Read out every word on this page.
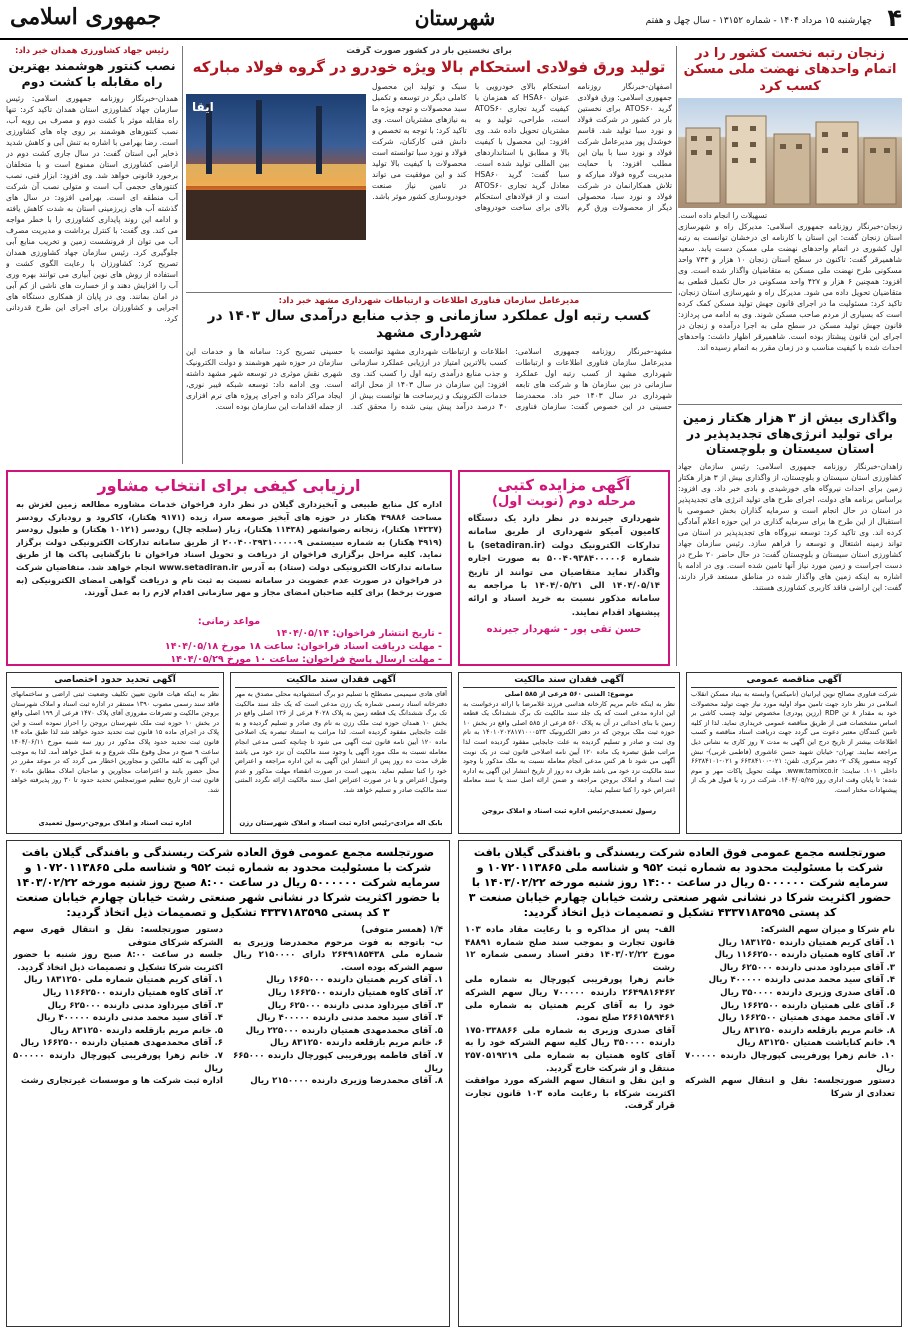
۴
چهارشنبه ۱۵ مرداد ۱۴۰۴ - شماره ۱۳۱۵۲ - سال چهل و هفتم
شهرستان
جمهوری اسلامی
زنجان رتبه نخست کشور را در اتمام واحدهای نهضت ملی مسکن کسب کرد
تسهیلات را انجام داده است.
زنجان-خبرنگار روزنامه جمهوری اسلامی: مدیرکل راه و شهرسازی استان زنجان گفت: این استان با کارنامه ای درخشان توانست به رتبه اول کشوری در اتمام واحدهای نهضت ملی مسکن دست یابد. سعید شاهمیرقر گفت: تاکنون در سطح استان زنجان ۱۰ هزار و ۷۳۳ واحد مسکونی طرح نهضت ملی مسکن به متقاضیان واگذار شده است. وی افزود: همچنین ۶ هزار و ۴۲۷ واحد مسکونی در حال تکمیل قطعی به متقاضیان تحویل داده می شود. مدیرکل راه و شهرسازی استان زنجان، تاکید کرد: مسئولیت ما در اجرای قانون جهش تولید مسکن کمک کرده است که بسیاری از مردم صاحب مسکن شوند. وی به ادامه می پردازد: قانون جهش تولید مسکن در سطح ملی به اجرا درآمده و زنجان در اجرای این قانون پیشتاز بوده است. شاهمیرقر اظهار داشت: واحدهای احداث شده با کیفیت مناسب و در زمان مقرر به اتمام رسیده اند.
واگذاری بیش از ۳ هزار هکتار زمین برای تولید انرژی‌های تجدیدپذیر در استان سیستان و بلوچستان
زاهدان-خبرنگار روزنامه جمهوری اسلامی: رئیس سازمان جهاد کشاورزی استان سیستان و بلوچستان، از واگذاری بیش از ۳ هزار هکتار زمین برای احداث نیروگاه های خورشیدی و بادی خبر داد. وی افزود: براساس برنامه های دولت، اجرای طرح های تولید انرژی های تجدیدپذیر در استان در حال انجام است و سرمایه گذاران بخش خصوصی با استقبال از این طرح ها برای سرمایه گذاری در این حوزه اعلام آمادگی کرده اند. وی تاکید کرد: توسعه نیروگاه های تجدیدپذیر در استان می تواند زمینه اشتغال و توسعه را فراهم سازد. رئیس سازمان جهاد کشاورزی استان سیستان و بلوچستان گفت: در حال حاضر ۲۰ طرح در دست اجراست و زمین مورد نیاز آنها تامین شده است. وی در ادامه با اشاره به اینکه زمین های واگذار شده در مناطق مستعد قرار دارند، گفت: این اراضی فاقد کاربری کشاورزی هستند.
برای نخستین بار در کشور صورت گرفت
تولید ورق فولادی استحکام بالا ویژه خودرو در گروه فولاد مبارکه
اصفهان-خبرنگار روزنامه جمهوری اسلامی: ورق فولادی گرید ATOS۶۰ برای نخستین بار در کشور در شرکت فولاد و نورد سبا تولید شد. قاسم خوشدل پور مدیرعامل شرکت فولاد و نورد سبا با بیان این مطلب افزود: با حمایت مدیریت گروه فولاد مبارکه و تلاش همکارانمان در شرکت فولاد و نورد سبا، محصولی دیگر از محصولات ورق گرم استحکام بالای خودرویی با عنوان HSA۶۰ که همزمان با کیفیت گرید تجاری ATOS۶۰ است، طراحی، تولید و به مشتریان تحویل داده شد. وی افزود: این محصول با کیفیت بالا و مطابق با استانداردهای بین المللی تولید شده است. سبا گفت: گرید HSA۶۰ معادل گرید تجاری ATOS۶۰ است و از فولادهای استحکام بالای برای ساخت خودروهای سبک و تولید این محصول کاملی دیگر در توسعه و تکمیل سبد محصولات و توجه ویژه ما به نیازهای مشتریان است. وی تاکید کرد: با توجه به تخصص و دانش فنی کارکنان، شرکت فولاد و نورد سبا توانسته است محصولات با کیفیت بالا تولید کند و این موفقیت می تواند در تامین نیاز صنعت خودروسازی کشور موثر باشد.
ایقا
مدیرعامل سازمان فناوری اطلاعات و ارتباطات شهرداری مشهد خبر داد:
کسب رتبه اول عملکرد سازمانی و جذب منابع درآمدی سال ۱۴۰۳ در شهرداری مشهد
مشهد-خبرنگار روزنامه جمهوری اسلامی: مدیرعامل سازمان فناوری اطلاعات و ارتباطات شهرداری مشهد از کسب رتبه اول عملکرد سازمانی در بین سازمان ها و شرکت های تابعه شهرداری در سال ۱۴۰۳ خبر داد. محمدرضا حسینی در این خصوص گفت: سازمان فناوری اطلاعات و ارتباطات شهرداری مشهد توانست با کسب بالاترین امتیاز در ارزیابی عملکرد سازمانی و جذب منابع درآمدی رتبه اول را کسب کند. وی افزود: این سازمان در سال ۱۴۰۳ از محل ارائه خدمات الکترونیک و زیرساخت ها توانست بیش از ۴۰ درصد درآمد پیش بینی شده را محقق کند. حسینی تصریح کرد: سامانه ها و خدمات این سازمان در حوزه شهر هوشمند و دولت الکترونیک شهری نقش موثری در توسعه شهر مشهد داشته است. وی ادامه داد: توسعه شبکه فیبر نوری، ایجاد مراکز داده و اجرای پروژه های نرم افزاری از جمله اقدامات این سازمان بوده است.
رئیس جهاد کشاورزی همدان خبر داد:
نصب کنتور هوشمند بهترین راه مقابله با کشت دوم
همدان-خبرنگار روزنامه جمهوری اسلامی: رئیس سازمان جهاد کشاورزی استان همدان تاکید کرد: تنها راه مقابله موثر با کشت دوم و مصرف بی رویه آب، نصب کنتورهای هوشمند بر روی چاه های کشاورزی است. رضا بهرامی با اشاره به تنش آبی و کاهش شدید ذخایر آبی استان گفت: در سال جاری کشت دوم در اراضی کشاورزی استان ممنوع است و با متخلفان برخورد قانونی خواهد شد. وی افزود: ابزار فنی، نصب کنتورهای حجمی آب است و متولی نصب آن شرکت آب منطقه ای است. بهرامی افزود: در سال های گذشته آب های زیرزمینی استان به شدت کاهش یافته و ادامه این روند پایداری کشاورزی را با خطر مواجه می کند. وی گفت: با کنترل برداشت و مدیریت مصرف آب می توان از فرونشست زمین و تخریب منابع آبی جلوگیری کرد. رئیس سازمان جهاد کشاورزی همدان تصریح کرد: کشاورزان با رعایت الگوی کشت و استفاده از روش های نوین آبیاری می توانند بهره وری آب را افزایش دهند و از خسارت های ناشی از کم آبی در امان بمانند. وی در پایان از همکاری دستگاه های اجرایی و کشاورزان برای اجرای این طرح قدردانی کرد.
آگهی مزایده کتبی
مرحله دوم (نوبت اول)
شهرداری جیرنده در نظر دارد یک دستگاه کامیون آمیکو شهرداری از طریق سامانه تدارکات الکترونیک دولت (setadiran.ir) با شماره ۵۰۰۴۰۹۳۸۴۰۰۰۰۰۶ به صورت اجاره واگذار نماید متقاضیان می توانند از تاریخ ۱۴۰۴/۰۵/۱۴ الی ۱۴۰۴/۰۵/۲۱ با مراجعه به سامانه مذکور نسبت به خرید اسناد و ارائه پیشنهاد اقدام نمایند.
حسن تقی پور - شهردار جیرنده
ارزیابی کیفی برای انتخاب مشاور
اداره کل منابع طبیعی و آبخیزداری گیلان در نظر دارد فراخوان خدمات مشاوره مطالعه زمین لغزش به مساحت ۴۹۸۸۶ هکتار در حوزه های آبخیز صومعه سرا، زیده (۹۱۷۱ هکتار)، کاکرود و رودبارک رودسر (۱۴۳۳۷ هکتار)، زنجانه رضوانشهر (۱۱۴۳۸ هکتار)، زیار (سلجه چال) رودسر (۱۰۱۲۱ هکتار) و طبول رودسر (۴۹۱۹ هکتار) به شماره سیستمی ۲۰۰۴۰۰۳۹۳۱۰۰۰۰۰۹ از طریق سامانه تدارکات الکترونیکی دولت برگزار نماید. کلیه مراحل برگزاری فراخوان از دریافت و تحویل اسناد فراخوان تا بازگشایی پاکت ها از طریق سامانه تدارکات الکترونیکی دولت (ستاد) به آدرس www.setadiran.ir انجام خواهد شد. متقاضیان شرکت در فراخوان در صورت عدم عضویت در سامانه نسبت به ثبت نام و دریافت گواهی امضای الکترونیکی (به صورت برخط) برای کلیه صاحبان امضای مجاز و مهر سازمانی اقدام لازم را به عمل آورند.
مواعد زمانی:
- تاریخ انتشار فراخوان: ۱۴۰۴/۰۵/۱۴
- مهلت دریافت اسناد فراخوان: ساعت ۱۸ مورخ ۱۴۰۴/۰۵/۱۸
- مهلت ارسال پاسخ فراخوان: ساعت ۱۰ مورخ ۱۴۰۴/۰۵/۲۹
آگهی مناقصه عمومی
شرکت فناوری مصالح نوین ایرانیان (نامیکس) وابسته به بنیاد مسکن انقلاب اسلامی در نظر دارد جهت تامین مواد اولیه مورد نیاز جهت تولید محصولات خود به مقدار ۸ تن RDP (رزین پودری) مخصوص تولید چسب کاشی بر اساس مشخصات فنی از طریق مناقصه عمومی خریداری نماید. لذا از کلیه تامین کنندگان معتبر دعوت می گردد جهت دریافت اسناد مناقصه و کسب اطلاعات بیشتر از تاریخ درج این آگهی به مدت ۷ روز کاری به نشانی ذیل مراجعه نمایند. تهران- خیابان شهید حسن عاشوری (فاطمی غربی)- نبش کوچه منصور پلاک ۲- دفتر مرکزی. تلفن: ۰۲۱-۶۶۳۸۴۱۰۰ و ۰۲۱-۶۶۳۸۴۱۰۱ داخلی ۱۰۱. سایت: www.tamixco.ir. مهلت تحویل پاکات مهر و موم شده: تا پایان وقت اداری روز ۱۴۰۴/۰۵/۲۵. شرکت در رد یا قبول هر یک از پیشنهادات مختار است.
آگهی فقدان سند مالکیت
موضوع: المثنی ۵۶۰ فرعی از ۵۸۵ اصلی
نظر به اینکه خانم مریم کارخانه هداسی فرزند غلامرضا با ارائه درخواست به این اداره مدعی است که یک جلد سند مالکیت تک برگ ششدانگ یک قطعه زمین با بنای احداثی در آن به پلاک ۵۶۰ فرعی از ۵۸۵ اصلی واقع در بخش ۱۰ حوزه ثبت ملک بروجن که در دفتر الکترونیک ۱۴۰۱۰۲۰۲۸۱۷۱۰۰۰۵۳۳ به نام وی ثبت و صادر و تسلیم گردیده به علت جابجایی مفقود گردیده است لذا مراتب طبق تبصره یک ماده ۱۲۰ آیین نامه اصلاحی قانون ثبت در یک نوبت آگهی می شود تا هر کس مدعی انجام معامله نسبت به ملک مذکور یا وجود سند مالکیت نزد خود می باشد ظرف ده روز از تاریخ انتشار این آگهی به اداره ثبت اسناد و املاک بروجن مراجعه و ضمن ارائه اصل سند یا سند معامله اعتراض خود را کتبا تسلیم نماید.
رسول تعمیدی-رئیس اداره ثبت اسناد و املاک بروجن
آگهی فقدان سند مالکیت
آقای هادی سیمیمی مصطلح با تسلیم دو برگ استشهادیه محلی مصدق به مهر دفترخانه اسناد رسمی شماره یک رزن مدعی است که یک جلد سند مالکیت تک برگ ششدانگ یک قطعه زمین به پلاک ۴۰۲۸ فرعی از ۱۳۶ اصلی واقع در بخش ۱۰ همدان حوزه ثبت ملک رزن به نام وی صادر و تسلیم گردیده و به علت جابجایی مفقود گردیده است. لذا مراتب به استناد تبصره یک اصلاحی ماده ۱۲۰ آیین نامه قانون ثبت آگهی می شود تا چنانچه کسی مدعی انجام معامله نسبت به ملک مورد آگهی یا وجود سند مالکیت آن نزد خود می باشد ظرف مدت ده روز پس از انتشار این آگهی به این اداره مراجعه و اعتراض خود را کتبا تسلیم نماید. بدیهی است در صورت انقضاء مهلت مذکور و عدم وصول اعتراض و یا در صورت اعتراض اصل سند مالکیت ارائه نگردد المثنی سند مالکیت صادر و تسلیم خواهد شد.
بابک اله مرادی-رئیس اداره ثبت اسناد و املاک شهرستان رزن
آگهی تحدید حدود اختصاصی
نظر به اینکه هیات قانون تعیین تکلیف وضعیت ثبتی اراضی و ساختمانهای فاقد سند رسمی مصوب ۱۳۹۰ مستقر در اداره ثبت اسناد و املاک شهرستان بروجن مالکیت و تصرفات مفروزی آقای پلاک ۱۴۷۰ فرعی از ۱۹۹ اصلی واقع در بخش ۱۰ حوزه ثبت ملک شهرستان بروجن را احراز نموده است و این پلاک در اجرای ماده ۱۵ قانون ثبت تحدید حدود خواهد شد لذا طبق ماده ۱۴ قانون ثبت تحدید حدود پلاک مذکور در روز سه شنبه مورخ ۱۴۰۴/۰۶/۱۱ ساعت ۹ صبح در محل وقوع ملک شروع و به عمل خواهد آمد. لذا به موجب این آگهی به کلیه مالکین و مجاورین اخطار می گردد که در موعد مقرر در محل حضور یابند و اعتراضات مجاورین و صاحبان املاک مطابق ماده ۲۰ قانون ثبت از تاریخ تنظیم صورتمجلس تحدید حدود تا ۳۰ روز پذیرفته خواهد شد.
اداره ثبت اسناد و املاک بروجن-رسول تعمیدی
صورتجلسه مجمع عمومی فوق العاده شرکت ریسندگی و بافندگی گیلان بافت شرکت با مسئولیت محدود به شماره ثبت ۹۵۲ و شناسه ملی ۱۰۷۲۰۱۱۳۸۶۵ و سرمایه شرکت ۵۰۰۰۰۰۰ ریال در ساعت ۱۴:۰۰ روز شنبه مورخه ۱۴۰۳/۰۲/۲۲ با حضور اکثریت شرکا در نشانی شهر صنعتی رشت خیابان چهارم خیابان صنعت ۳ کد پستی ۴۳۳۷۱۸۳۵۹۵ تشکیل و تصمیمات ذیل اتخاذ گردید:
نام شرکا و میزان سهم الشرکه:
۱. آقای کریم همتیان دارنده ۱۸۳۱۲۵۰ ریال
۲. آقای کاوه همتیان دارنده ۱۱۶۶۲۵۰۰ ریال
۳. آقای میرداود مدنی دارنده ۶۲۵۰۰۰ ریال
۴. آقای سید محمد مدنی دارنده ۴۰۰۰۰۰ ریال
۵. آقای صدری وزیری دارنده ۳۵۰۰۰۰ ریال
۶. آقای علی همتیان دارنده ۱۶۶۲۵۰۰ ریال
۷. آقای محمد مهدی همتیان ۱۶۶۲۵۰۰ ریال
۸. خانم مریم بازقلعه دارنده ۸۳۱۲۵۰ ریال
۹. خانم کنایاشت همتیان ۸۳۱۲۵۰ ریال
۱۰. خانم زهرا پورفریبی کپورچال دارنده ۷۰۰۰۰۰ ریال
دستور صورتجلسه: نقل و انتقال سهم الشرکه تعدادی از شرکا
الف- پس از مذاکره و با رعایت مقاد ماده ۱۰۳ قانون تجارت و بموجب سند صلح شماره ۴۸۸۹۱ مورخ ۱۴۰۳/۰۲/۲۲ دفتر اسناد رسمی شماره ۱۲ رشت
خانم زهرا پورفریبی کپورچال به شماره ملی ۲۶۴۹۸۱۶۴۶۲ دارنده ۷۰۰۰۰۰ ریال سهم الشرکه خود را به آقای کریم همتیان به شماره ملی ۲۶۶۱۵۸۹۴۶۱ صلح نمود.
آقای صدری وزیری به شماره ملی ۱۷۵۰۳۳۸۸۶۶ دارنده ۳۵۰۰۰۰ ریال کلیه سهم الشرکه خود را به آقای کاوه همتیان به شماره ملی ۲۵۷۰۵۱۹۲۱۹ منتقل و از شرکت خارج گردید.
و این نقل و انتقال سهم الشرکه مورد موافقت اکثریت شرکاء با رعایت ماده ۱۰۳ قانون تجارت قرار گرفت.
صورتجلسه مجمع عمومی فوق العاده شرکت ریسندگی و بافندگی گیلان بافت شرکت با مسئولیت محدود به شماره ثبت ۹۵۲ و شناسه ملی ۱۰۷۲۰۱۱۳۸۶۵ و سرمایه شرکت ۵۰۰۰۰۰۰ ریال در ساعت ۸:۰۰ صبح روز شنبه مورخه ۱۴۰۳/۰۲/۲۲ با حضور اکثریت شرکا در نشانی شهر صنعتی رشت خیابان چهارم خیابان صنعت ۳ کد پستی ۴۳۳۷۱۸۳۵۹۵ تشکیل و تصمیمات ذیل اتخاذ گردید:
۱/۴ (همسر متوفی)
ب- باتوجه به فوت مرحوم محمدرضا وزیری به شماره ملی ۲۶۴۹۱۸۵۴۳۸ دارای ۲۱۵۰۰۰۰ ریال سهم الشرکه بوده است.
۱. آقای کریم همتیان دارنده ۱۶۶۵۰۰۰ ریال
۲. آقای کاوه همتیان دارنده ۱۶۶۲۵۰۰ ریال
۳. آقای میرداود مدنی دارنده ۶۲۵۰۰۰ ریال
۴. آقای سید محمد مدنی دارنده ۴۰۰۰۰۰ ریال
۵. آقای محمدمهدی همتیان دارنده ۲۲۵۰۰۰ ریال
۶. خانم مریم بازقلعه دارنده ۸۳۱۲۵۰ ریال
۷. آقای فاطمه پورفریبی کپورچال دارنده ۶۶۵۰۰۰ ریال
۸. آقای محمدرضا وزیری دارنده ۲۱۵۰۰۰۰ ریال
دستور صورتجلسه: نقل و انتقال قهری سهم الشرکه شرکای متوفی
جلسه در ساعت ۸:۰۰ صبح روز شنبه با حضور اکثریت شرکا تشکیل و تصمیمات ذیل اتخاذ گردید.
۱. آقای کریم همتیان شماره ملی ۱۸۳۱۲۵۰ ریال
۲. آقای کاوه همتیان دارنده ۱۱۶۶۲۵۰۰ ریال
۳. آقای میرداود مدنی دارنده ۶۲۵۰۰۰ ریال
۴. آقای سید محمد مدنی دارنده ۴۰۰۰۰۰ ریال
۵. خانم مریم بازقلعه دارنده ۸۳۱۲۵۰ ریال
۶. آقای محمدمهدی همتیان دارنده ۱۶۶۲۵۰۰ ریال
۷. خانم زهرا پورفریبی کپورچال دارنده ۵۰۰۰۰۰ ریال
اداره ثبت شرکت ها و موسسات غیرتجاری رشت
